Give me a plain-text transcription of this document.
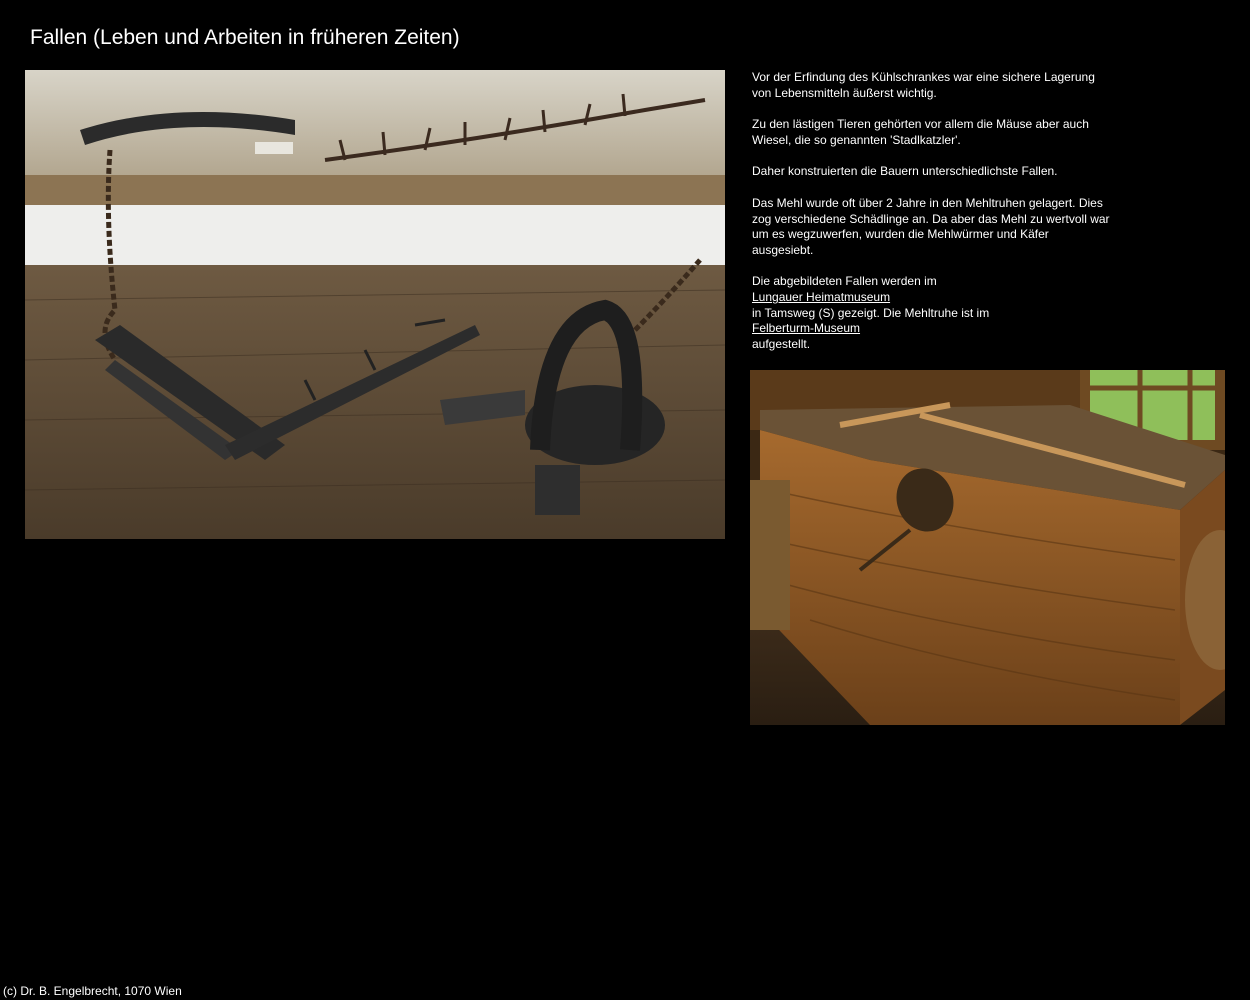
Fallen (Leben und Arbeiten in früheren Zeiten)

Vor der Erfindung des Kühlschrankes war eine sichere Lagerung von Lebensmitteln äußerst wichtig.

Zu den lästigen Tieren gehörten vor allem die Mäuse aber auch Wiesel, die so genannten 'Stadlkatzler'.

Daher konstruierten die Bauern unterschiedlichste Fallen.

Das Mehl wurde oft über 2 Jahre in den Mehltruhen gelagert. Dies zog verschiedene Schädlinge an. Da aber das Mehl zu wertvoll war um es wegzuwerfen, wurden die Mehlwürmer und Käfer ausgesiebt.

Die abgebildeten Fallen werden im
Lungauer Heimatmuseum
in Tamsweg (S) gezeigt. Die Mehltruhe ist im
Felberturm-Museum
aufgestellt.

(c) Dr. B. Engelbrecht, 1070 Wien
